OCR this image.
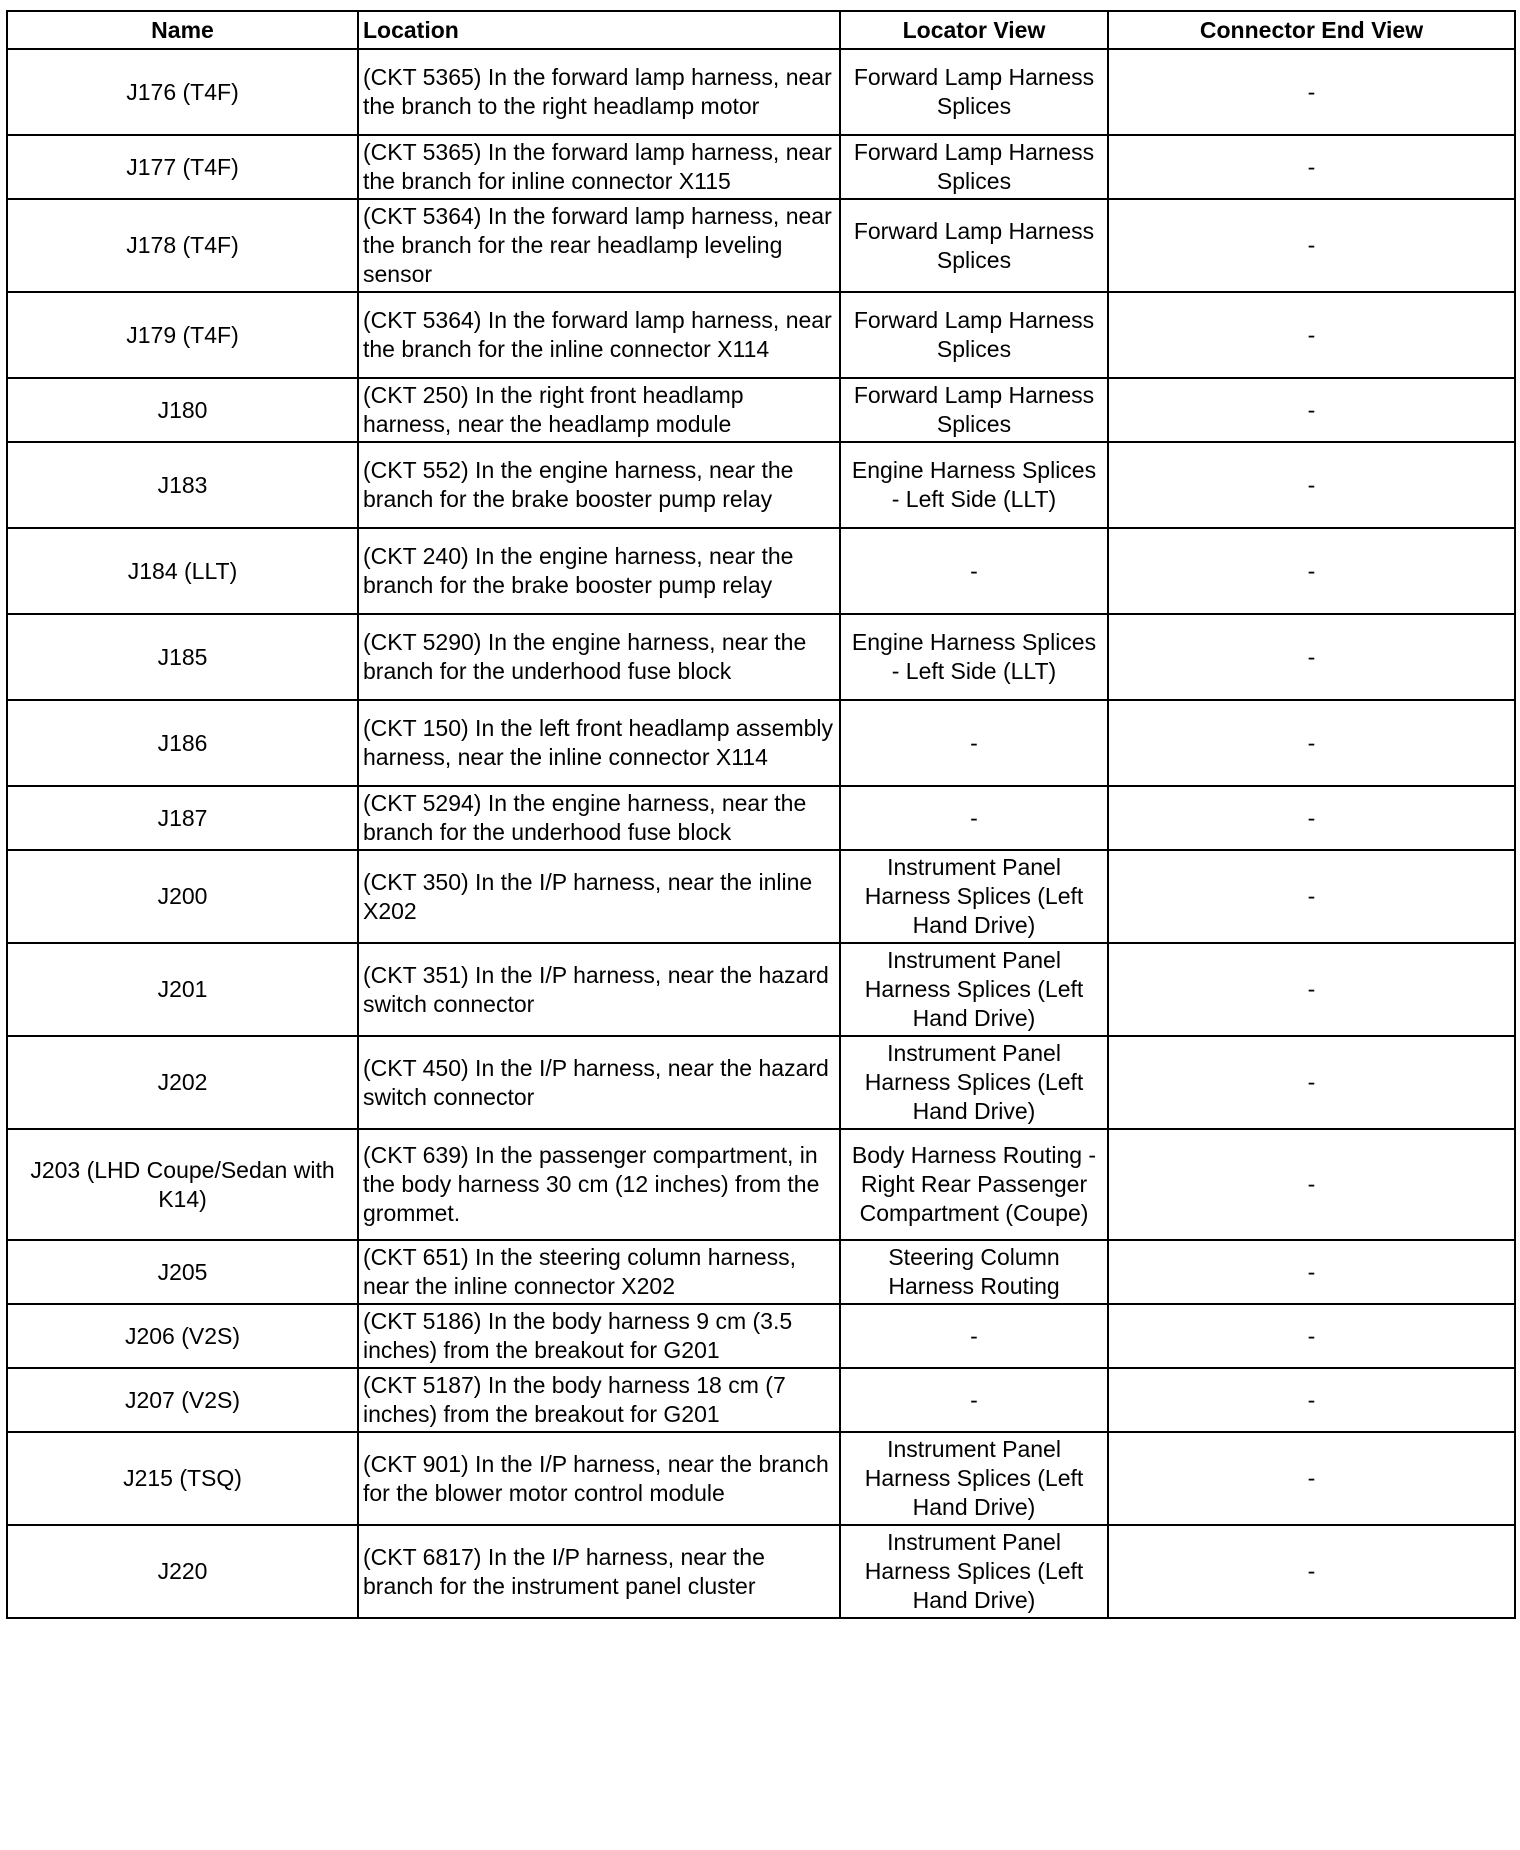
Name	Location	Locator View	Connector End View
J176 (T4F)	(CKT 5365) In the forward lamp harness, near the branch to the right headlamp motor	Forward Lamp Harness Splices	-
J177 (T4F)	(CKT 5365) In the forward lamp harness, near the branch for inline connector X115	Forward Lamp Harness Splices	-
J178 (T4F)	(CKT 5364) In the forward lamp harness, near the branch for the rear headlamp leveling sensor	Forward Lamp Harness Splices	-
J179 (T4F)	(CKT 5364) In the forward lamp harness, near the branch for the inline connector X114	Forward Lamp Harness Splices	-
J180	(CKT 250) In the right front headlamp harness, near the headlamp module	Forward Lamp Harness Splices	-
J183	(CKT 552) In the engine harness, near the branch for the brake booster pump relay	Engine Harness Splices - Left Side (LLT)	-
J184 (LLT)	(CKT 240) In the engine harness, near the branch for the brake booster pump relay	-	-
J185	(CKT 5290) In the engine harness, near the branch for the underhood fuse block	Engine Harness Splices - Left Side (LLT)	-
J186	(CKT 150) In the left front headlamp assembly harness, near the inline connector X114	-	-
J187	(CKT 5294) In the engine harness, near the branch for the underhood fuse block	-	-
J200	(CKT 350) In the I/P harness, near the inline X202	Instrument Panel Harness Splices (Left Hand Drive)	-
J201	(CKT 351) In the I/P harness, near the hazard switch connector	Instrument Panel Harness Splices (Left Hand Drive)	-
J202	(CKT 450) In the I/P harness, near the hazard switch connector	Instrument Panel Harness Splices (Left Hand Drive)	-
J203 (LHD Coupe/Sedan with K14)	(CKT 639) In the passenger compartment, in the body harness 30 cm (12 inches) from the grommet.	Body Harness Routing - Right Rear Passenger Compartment (Coupe)	-
J205	(CKT 651) In the steering column harness, near the inline connector X202	Steering Column Harness Routing	-
J206 (V2S)	(CKT 5186) In the body harness 9 cm (3.5 inches) from the breakout for G201	-	-
J207 (V2S)	(CKT 5187) In the body harness 18 cm (7 inches) from the breakout for G201	-	-
J215 (TSQ)	(CKT 901) In the I/P harness, near the branch for the blower motor control module	Instrument Panel Harness Splices (Left Hand Drive)	-
J220	(CKT 6817) In the I/P harness, near the branch for the instrument panel cluster	Instrument Panel Harness Splices (Left Hand Drive)	-
